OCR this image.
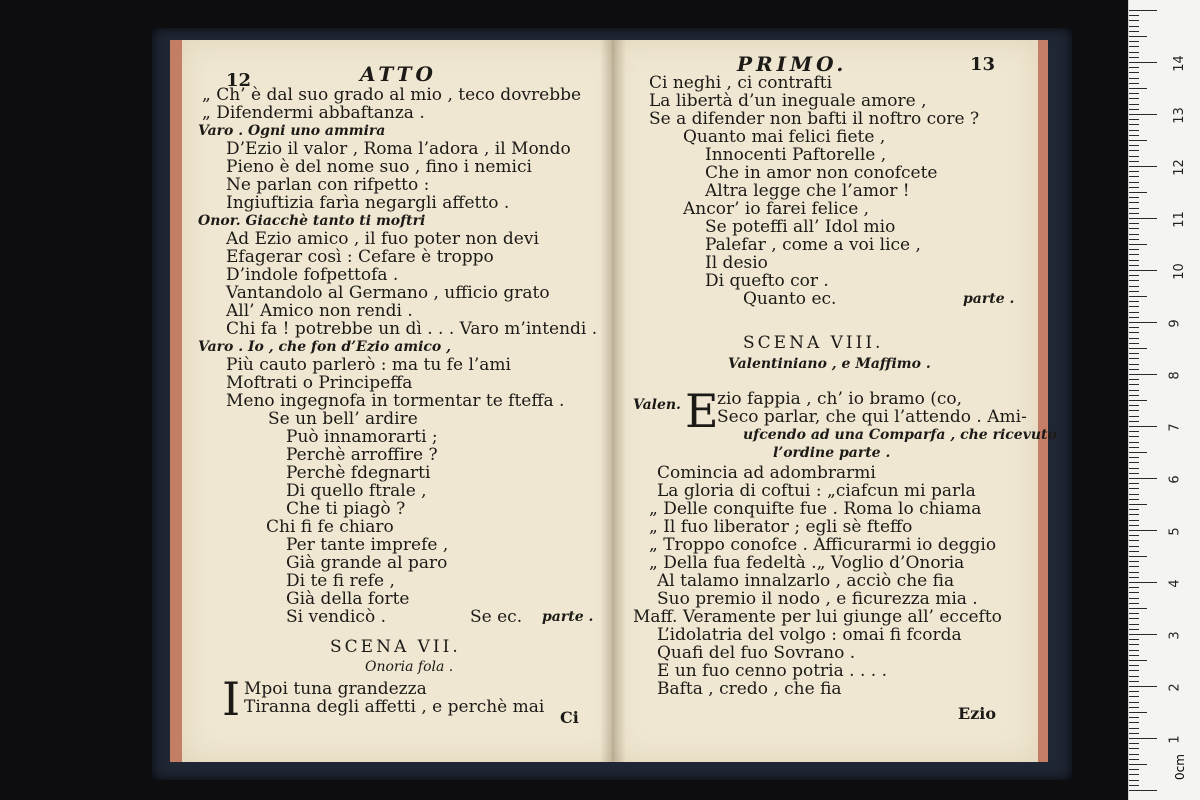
12	ATTO
„ Ch’ è dal suo grado al mio , teco dovrebbe
„ Difendermi abbaftanza .
Varo . Ogni uno ammira
D’Ezio il valor , Roma l’adora , il Mondo
Pieno è del nome suo , fino i nemici
Ne parlan con rifpetto :
Ingiuftizia farìa negargli affetto .
Onor. Giacchè tanto ti moftri
Ad Ezio amico , il fuo poter non devi
Efagerar così : Cefare è troppo
D’indole fofpettofa .
Vantandolo al Germano , ufficio grato
All’ Amico non rendi .
Chi fa ! potrebbe un dì . . . Varo m’intendi .
Varo . Io , che fon d’Ezio amico ,
Più cauto parlerò : ma tu fe l’ami
Moftrati o Principeffa
Meno ingegnofa in tormentar te fteffa .
Se un bell’ ardire
Può innamorarti ;
Perchè arroffire ?
Perchè fdegnarti
Di quello ftrale ,
Che ti piagò ?
Chi fi fe chiaro
Per tante imprefe ,
Già grande al paro
Di te fi refe ,
Già della forte
Si vendicò .	Se ec. parte .
SCENA VII.
Onoria fola .
I Mpoi tuna grandezza
Tiranna degli affetti , e perchè mai
Ci
PRIMO.	13
Ci neghi , ci contrafti
La libertà d’un ineguale amore ,
Se a difender non bafti il noftro core ?
Quanto mai felici fiete ,
Innocenti Paftorelle ,
Che in amor non conofcete
Altra legge che l’amor !
Ancor’ io farei felice ,
Se poteffi all’ Idol mio
Palefar , come a voi lice ,
Il desio
Di quefto cor .
Quanto ec.	parte .
SCENA VIII.
Valentiniano , e Maffimo .
Valen. E
zio fappia , ch’ io bramo (co,
Seco parlar, che qui l’attendo . Ami-
ufcendo ad una Comparfa , che ricevuto
l’ordine parte .
Comincia ad adombrarmi
La gloria di coftui : „ciafcun mi parla
„ Delle conquifte fue . Roma lo chiama
„ Il fuo liberator ; egli sè fteffo
„ Troppo conofce . Afficurarmi io deggio
„ Della fua fedeltà .„ Voglio d’Onoria
Al talamo innalzarlo , acciò che fia
Suo premio il nodo , e ficurezza mia .
Maff. Veramente per lui giunge all’ eccefto
L’idolatria del volgo : omai fi fcorda
Quafi del fuo Sovrano .
E un fuo cenno potria . . . .
Bafta , credo , che fia
Ezio
14
13
12
11
10
9
8
7
6
5
4
3
2
1
0cm
